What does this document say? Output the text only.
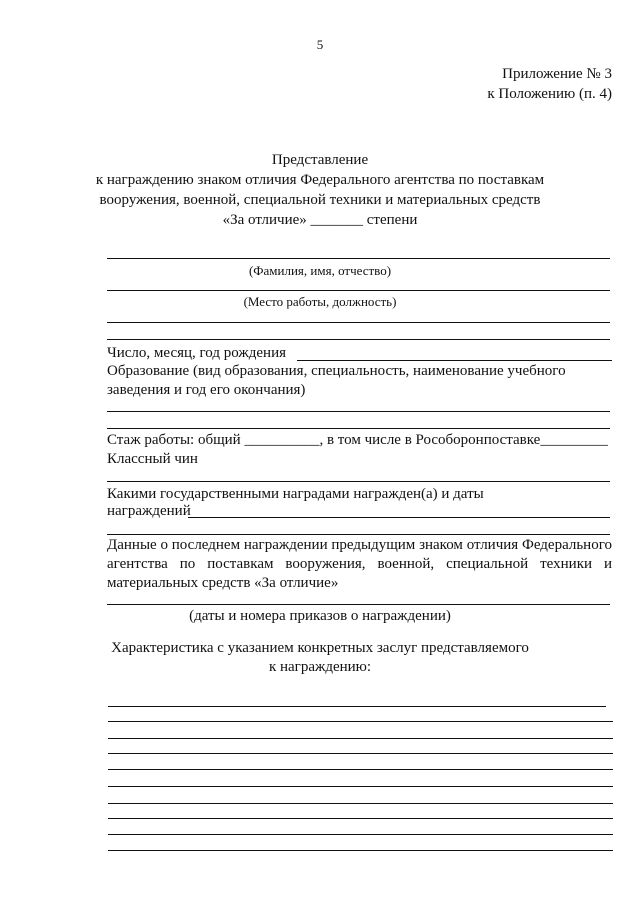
5
Приложение № 3
к Положению (п. 4)
Представление
к награждению знаком отличия Федерального агентства по поставкам
вооружения, военной, специальной техники и материальных средств
«За отличие» _______ степени
(Фамилия, имя, отчество)
(Место работы, должность)
Число, месяц, год рождения
Образование (вид образования, специальность, наименование учебного
заведения и год его окончания)
Стаж работы: общий __________, в том числе в Рособоронпоставке_________
Классный чин
Какими государственными наградами награжден(а) и даты
награждений
Данные о последнем награждении предыдущим знаком отличия Федерального
агентства по поставкам вооружения, военной, специальной техники и
материальных средств «За отличие»
(даты и номера приказов о награждении)
Характеристика с указанием конкретных заслуг представляемого
к награждению:
